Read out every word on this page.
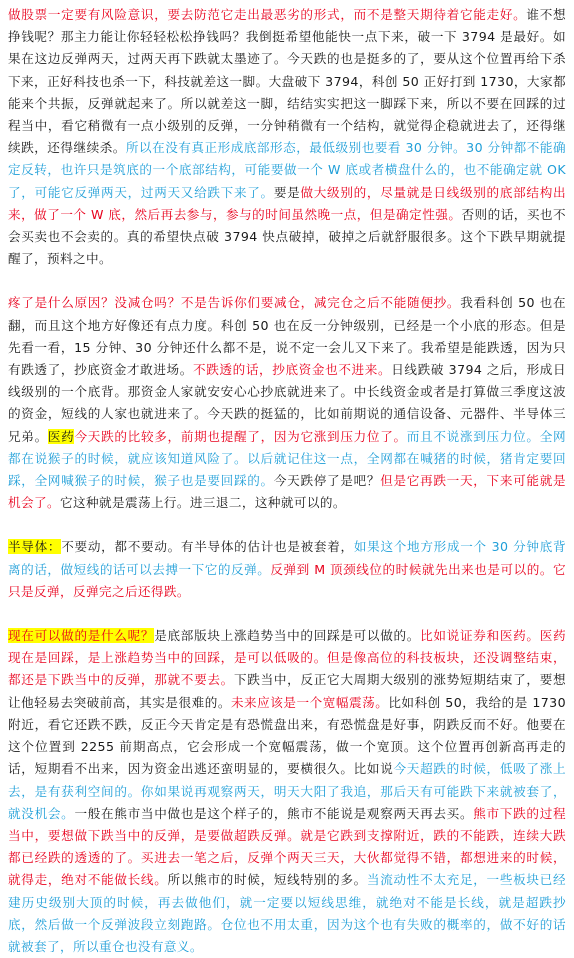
做股票一定要有风险意识，要去防范它走出最恶劣的形式，而不是整天期待着它能走好。谁不想挣钱呢？那主力能让你轻轻松松挣钱吗？我倒挺希望他能快一点下来，破一下 3794 是最好。如果在这边反弹两天，过两天再下跌就太墨迹了。今天跌的也是挺多的了，要从这个位置再给下杀下来，正好科技也杀一下，科技就差这一脚。大盘破下 3794，科创 50 正好打到 1730，大家都能来个共振，反弹就起来了。所以就差这一脚，结结实实把这一脚踩下来，所以不要在回踩的过程当中，看它稍微有一点小级别的反弹，一分钟稍微有一个结构，就觉得企稳就进去了，还得继续跌，还得继续杀。所以在没有真正形成底部形态，最低级别也要看 30 分钟。30 分钟都不能确定反转，也许只是筑底的一个底部结构，可能要做一个 W 底或者横盘什么的，也不能确定就 OK 了，可能它反弹两天，过两天又给跌下来了。要是做大级别的，尽量就是日线级别的底部结构出来，做了一个 W 底，然后再去参与，参与的时间虽然晚一点，但是确定性强。否则的话，买也不会买卖也不会卖的。真的希望快点破 3794 快点破掉，破掉之后就舒服很多。这个下跌早期就提醒了，预料之中。

疼了是什么原因？没减仓吗？不是告诉你们要减仓，减完仓之后不能随便抄。我看科创 50 也在翻，而且这个地方好像还有点力度。科创 50 也在反一分钟级别，已经是一个小底的形态。但是先看一看，15 分钟、30 分钟还什么都不是，说不定一会儿又下来了。我希望是能跌透，因为只有跌透了，抄底资金才敢进场。不跌透的话，抄底资金也不进来。日线跌破 3794 之后，形成日线级别的一个底背。那资金人家就安安心心抄底就进来了。中长线资金或者是打算做三季度这波的资金，短线的人家也就进来了。今天跌的挺猛的，比如前期说的通信设备、元器件、半导体三兄弟。医药今天跌的比较多，前期也提醒了，因为它涨到压力位了。而且不说涨到压力位。全网都在说猴子的时候，就应该知道风险了。以后就记住这一点，全网都在喊猪的时候，猪肯定要回踩，全网喊猴子的时候，猴子也是要回踩的。今天跌停了是吧？但是它再跌一天，下来可能就是机会了。它这种就是震荡上行。进三退二，这种就可以的。

半导体：不要动，都不要动。有半导体的估计也是被套着，如果这个地方形成一个 30 分钟底背离的话，做短线的话可以去搏一下它的反弹。反弹到 M 顶颈线位的时候就先出来也是可以的。它只是反弹，反弹完之后还得跌。

现在可以做的是什么呢？是底部版块上涨趋势当中的回踩是可以做的。比如说证券和医药。医药现在是回踩，是上涨趋势当中的回踩，是可以低吸的。但是像高位的科技板块，还没调整结束，都还是下跌当中的反弹，那就不要去。下跌当中，反正它大周期大级别的涨势短期结束了，要想让他轻易去突破前高，其实是很难的。未来应该是一个宽幅震荡。比如科创 50，我给的是 1730 附近，看它还跌不跌，反正今天肯定是有恐慌盘出来，有恐慌盘是好事，阴跌反而不好。他要在这个位置到 2255 前期高点，它会形成一个宽幅震荡，做一个宽顶。这个位置再创新高再走的话，短期看不出来，因为资金出逃还蛮明显的，要横很久。比如说今天超跌的时候，低吸了涨上去，是有获利空间的。你如果说再观察两天，明天大阳了我追，那后天有可能跌下来就被套了，就没机会。一般在熊市当中做也是这个样子的，熊市不能说是观察两天再去买。熊市下跌的过程当中，要想做下跌当中的反弹，是要做超跌反弹。就是它跌到支撑附近，跌的不能跌，连续大跌都已经跌的透透的了。买进去一笔之后，反弹个两天三天，大伙都觉得不错，都想进来的时候，就得走，绝对不能做长线。所以熊市的时候，短线特别的多。当流动性不太充足，一些板块已经建历史级别大顶的时候，再去做他们，就一定要以短线思维，就绝对不能是长线，就是超跌抄底，然后做一个反弹波段立刻跑路。仓位也不用太重，因为这个也有失败的概率的，做不好的话就被套了，所以重仓也没有意义。
